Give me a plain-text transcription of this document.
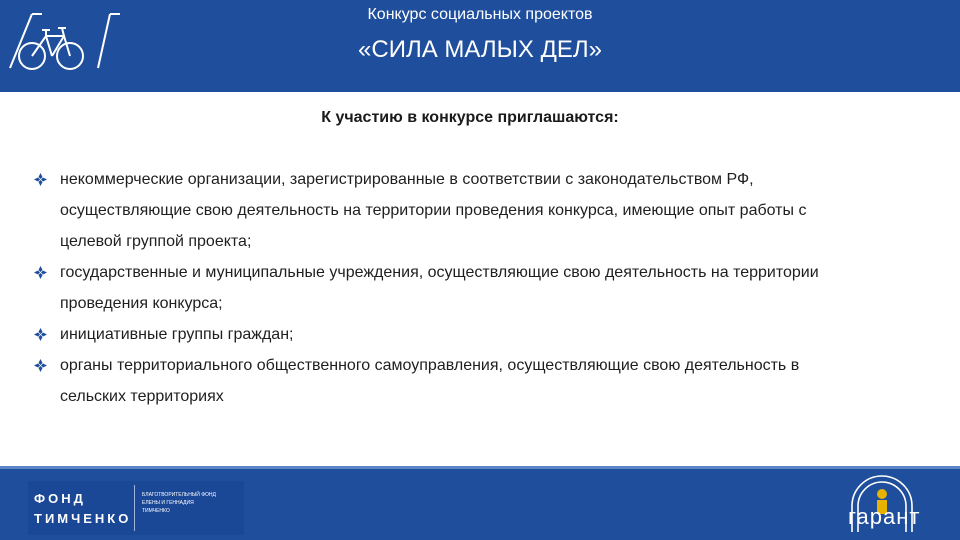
Конкурс социальных проектов
«СИЛА МАЛЫХ ДЕЛ»
К участию в конкурсе приглашаются:
некоммерческие организации, зарегистрированные в соответствии с законодательством РФ,
осуществляющие свою деятельность на территории проведения конкурса, имеющие опыт работы с
целевой группой проекта;
государственные и муниципальные учреждения, осуществляющие свою деятельность на территории
проведения конкурса;
инициативные группы граждан;
органы территориального общественного самоуправления, осуществляющие свою деятельность в
сельских территориях
ФОНД
ТИМЧЕНКО
БЛАГОТВОРИТЕЛЬНЫЙ ФОНД
ЕЛЕНЫ И ГЕННАДИЯ
ТИМЧЕНКО	гарант
